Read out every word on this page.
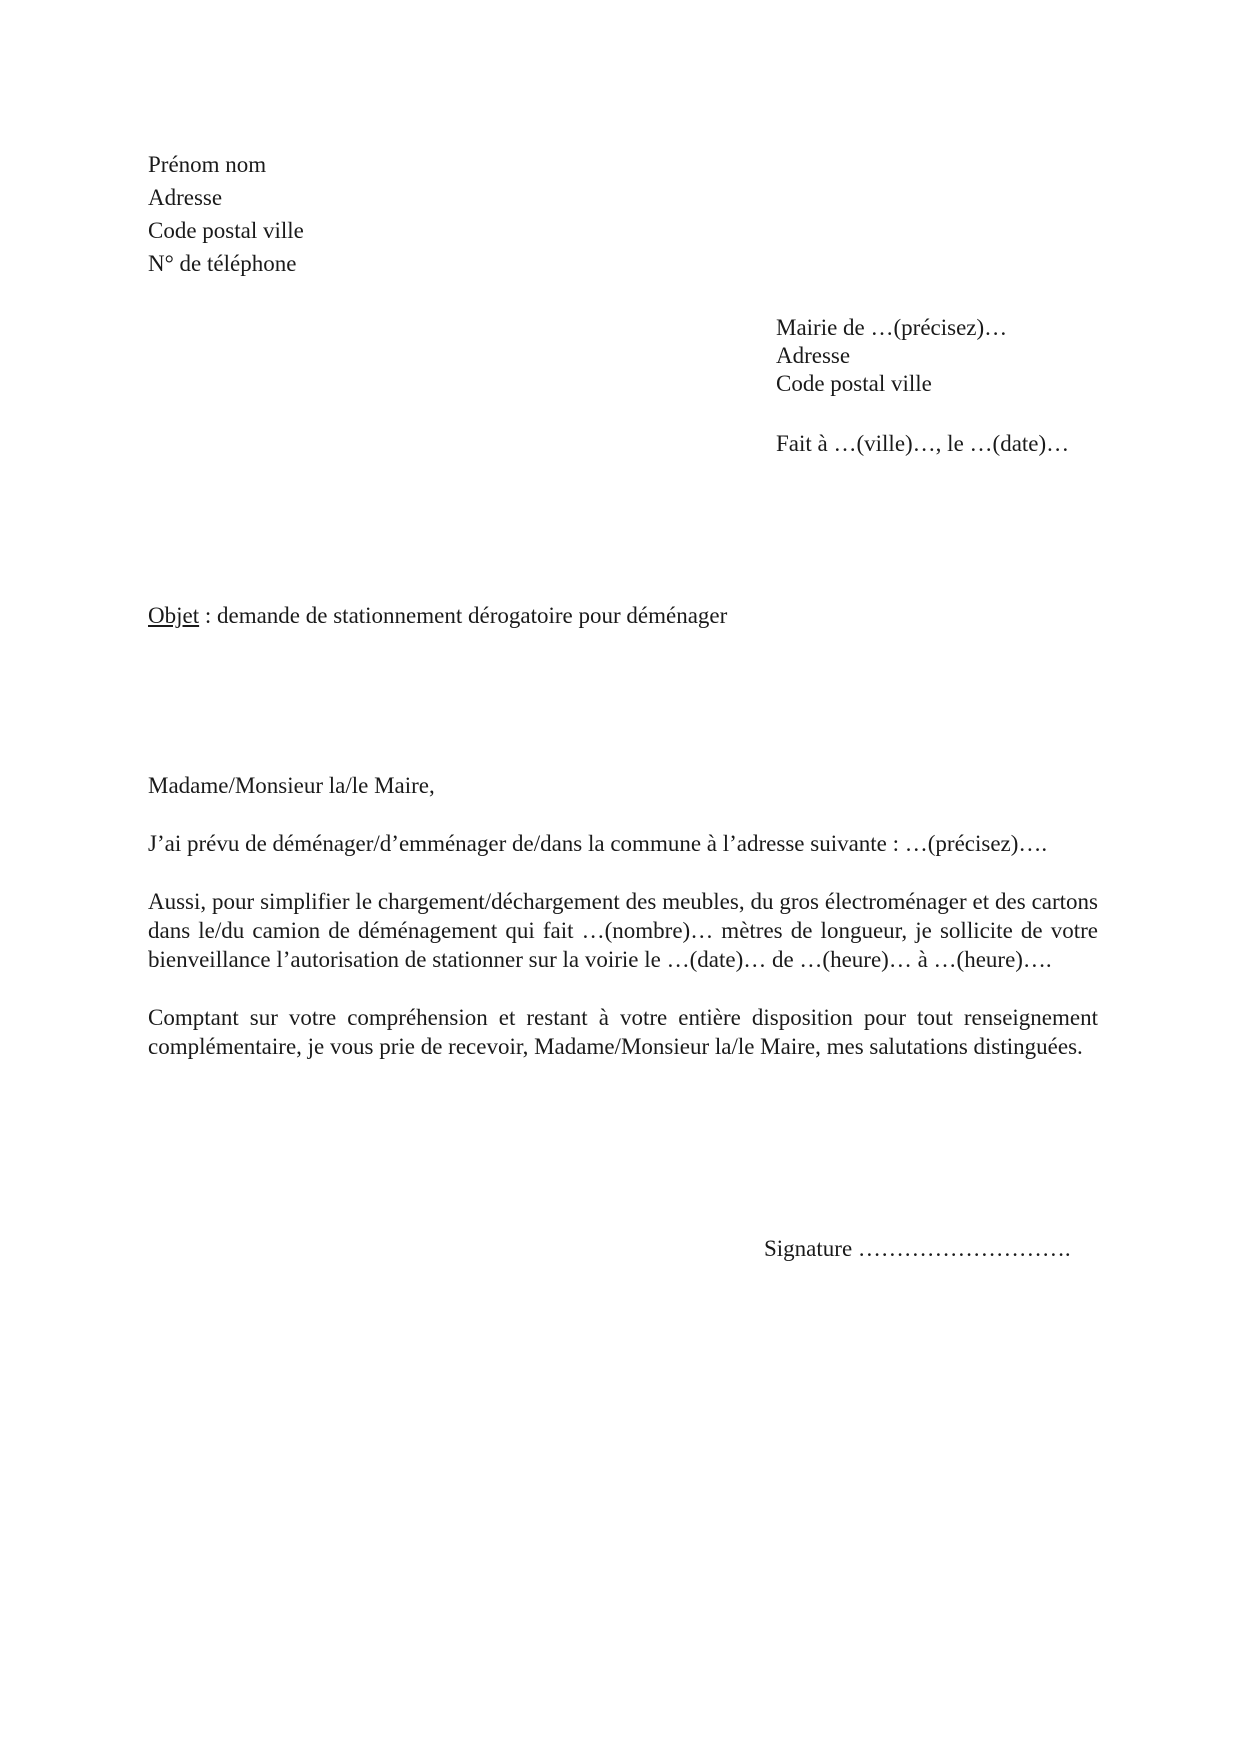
Prénom nom
Adresse
Code postal ville
N° de téléphone
Mairie de …(précisez)…
Adresse
Code postal ville
Fait à …(ville)…, le …(date)…
Objet : demande de stationnement dérogatoire pour déménager

Madame/Monsieur la/le Maire,

J’ai prévu de déménager/d’emménager de/dans la commune à l’adresse suivante : …(précisez)….

Aussi, pour simplifier le chargement/déchargement des meubles, du gros électroménager et des cartons dans le/du camion de déménagement qui fait …(nombre)… mètres de longueur, je sollicite de votre bienveillance l’autorisation de stationner sur la voirie le …(date)… de …(heure)… à …(heure)….

Comptant sur votre compréhension et restant à votre entière disposition pour tout renseignement complémentaire, je vous prie de recevoir, Madame/Monsieur la/le Maire, mes salutations distinguées.

Signature ……………………….
